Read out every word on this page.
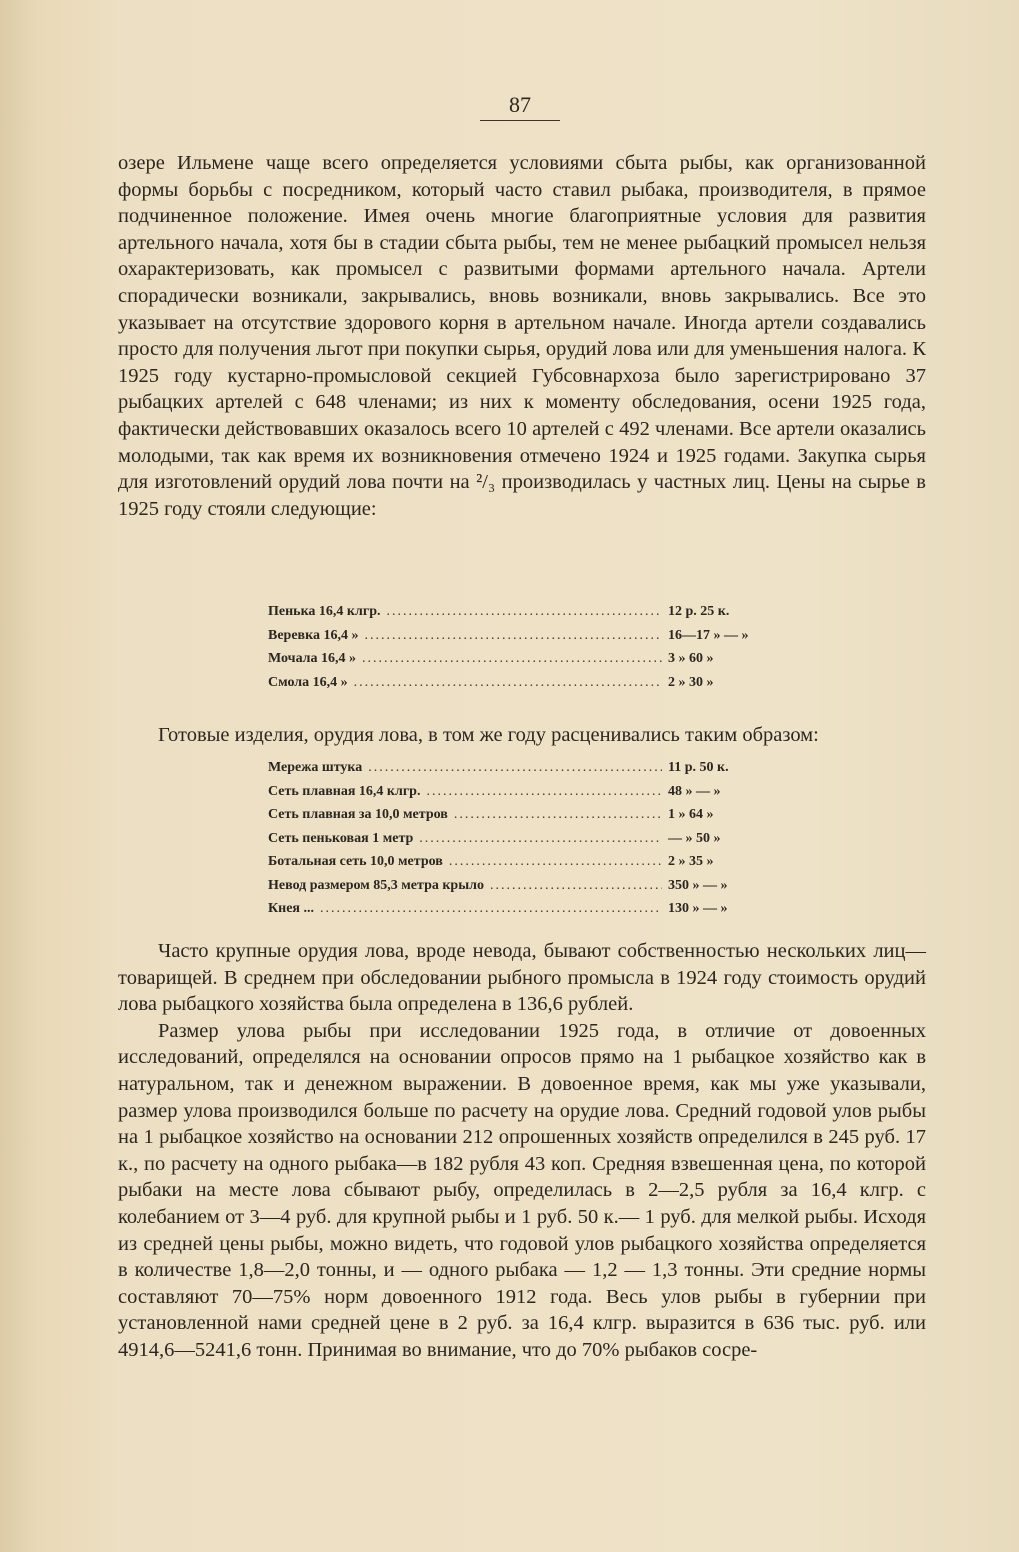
87

озере Ильмене чаще всего определяется условиями сбыта рыбы, как организованной формы борьбы с посредником, который часто ставил рыбака, производителя, в прямое подчиненное положение. Имея очень многие благоприятные условия для развития артельного начала, хотя бы в стадии сбыта рыбы, тем не менее рыбацкий промысел нельзя охарактеризовать, как промысел с развитыми формами артельного начала. Артели спорадически возникали, закрывались, вновь возникали, вновь закрывались. Все это указывает на отсутствие здорового корня в артельном начале. Иногда артели создавались просто для получения льгот при покупки сырья, орудий лова или для уменьшения налога. К 1925 году кустарно-промысловой секцией Губсовнархоза было зарегистрировано 37 рыбацких артелей с 648 членами; из них к моменту обследования, осени 1925 года, фактически действовавших оказалось всего 10 артелей с 492 членами. Все артели оказались молодыми, так как время их возникновения отмечено 1924 и 1925 годами. Закупка сырья для изготовлений орудий лова почти на ²/₃ производилась у частных лиц. Цены на сырье в 1925 году стояли следующие:

Пенька 16,4 клгр. .....	12 р. 25 к.
Веревка 16,4 » .....	16—17 » — »
Мочала 16,4 » .....	3 » 60 »
Смола 16,4 » .....	2 » 30 »
Готовые изделия, орудия лова, в том же году расценивались таким образом:
Мережа штука .....	11 р. 50 к.
Сеть плавная 16,4 клгр. .....	48 » — »
Сеть плавная за 10,0 метров .....	1 » 64 »
Сеть пеньковая 1 метр .....	— » 50 »
Ботальная сеть 10,0 метров .....	2 » 35 »
Невод размером 85,3 метра крыло .....	350 » — »
Кнея ... .....	130 » — »

Часто крупные орудия лова, вроде невода, бывают собственностью нескольких лиц—товарищей. В среднем при обследовании рыбного промысла в 1924 году стоимость орудий лова рыбацкого хозяйства была определена в 136,6 рублей.

Размер улова рыбы при исследовании 1925 года, в отличие от довоенных исследований, определялся на основании опросов прямо на 1 рыбацкое хозяйство как в натуральном, так и денежном выражении. В довоенное время, как мы уже указывали, размер улова производился больше по расчету на орудие лова. Средний годовой улов рыбы на 1 рыбацкое хозяйство на основании 212 опрошенных хозяйств определился в 245 руб. 17 к., по расчету на одного рыбака—в 182 рубля 43 коп. Средняя взвешенная цена, по которой рыбаки на месте лова сбывают рыбу, определилась в 2—2,5 рубля за 16,4 клгр. с колебанием от 3—4 руб. для крупной рыбы и 1 руб. 50 к.— 1 руб. для мелкой рыбы. Исходя из средней цены рыбы, можно видеть, что годовой улов рыбацкого хозяйства определяется в количестве 1,8—2,0 тонны, и — одного рыбака — 1,2 — 1,3 тонны. Эти средние нормы составляют 70—75% норм довоенного 1912 года. Весь улов рыбы в губернии при установленной нами средней цене в 2 руб. за 16,4 клгр. выразится в 636 тыс. руб. или 4914,6—5241,6 тонн. Принимая во внимание, что до 70% рыбаков сосре-
